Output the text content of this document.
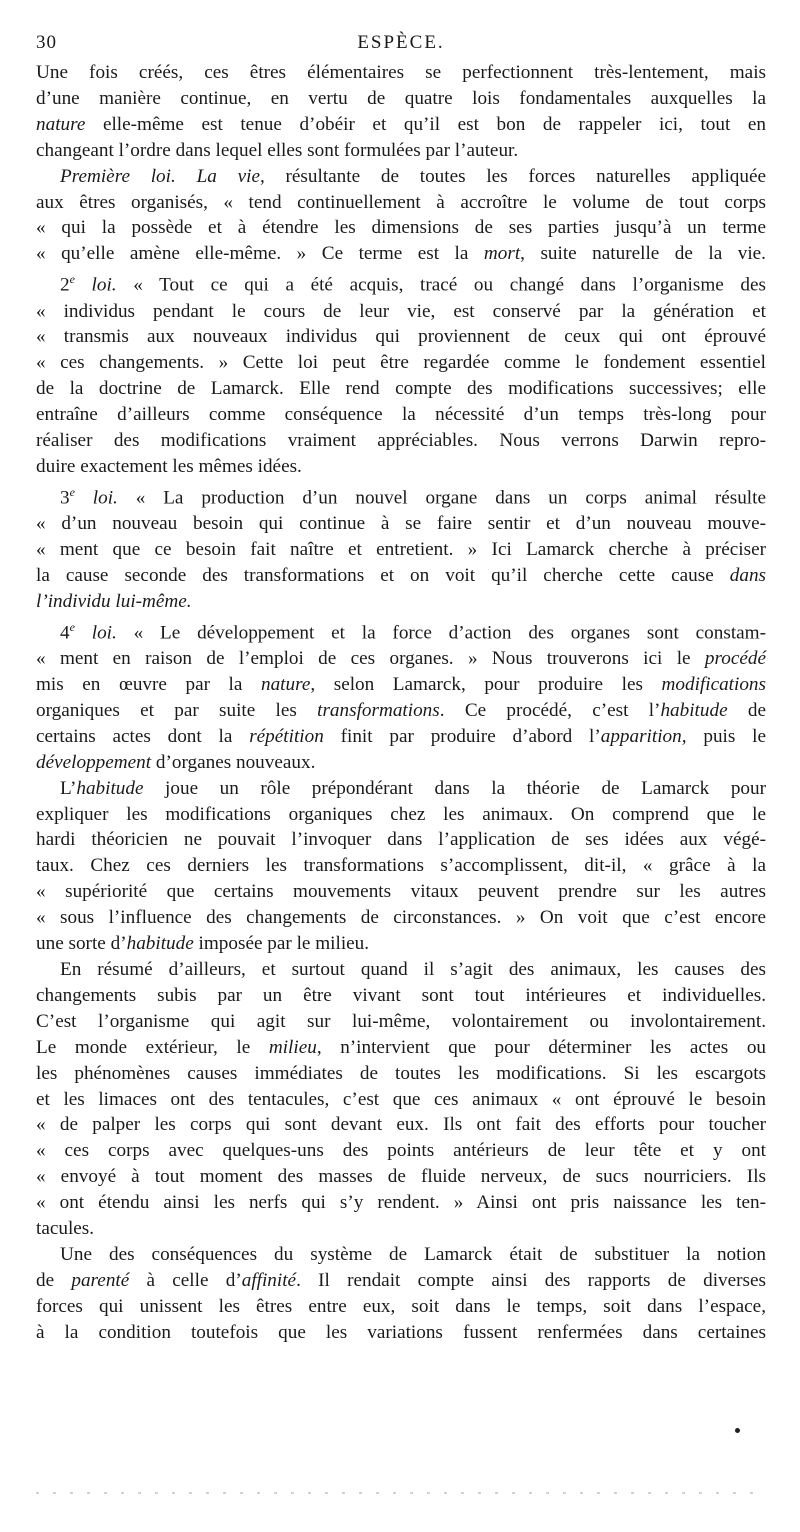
30	ESPÈCE.
Une fois créés, ces êtres élémentaires se perfectionnent très-lentement, mais
d’une manière continue, en vertu de quatre lois fondamentales auxquelles la
nature elle-même est tenue d’obéir et qu’il est bon de rappeler ici, tout en
changeant l’ordre dans lequel elles sont formulées par l’auteur.
Première loi. La vie, résultante de toutes les forces naturelles appliquée
aux êtres organisés, « tend continuellement à accroître le volume de tout corps
« qui la possède et à étendre les dimensions de ses parties jusqu’à un terme
« qu’elle amène elle-même. » Ce terme est la mort, suite naturelle de la vie.
2e loi. « Tout ce qui a été acquis, tracé ou changé dans l’organisme des
« individus pendant le cours de leur vie, est conservé par la génération et
« transmis aux nouveaux individus qui proviennent de ceux qui ont éprouvé
« ces changements. » Cette loi peut être regardée comme le fondement essentiel
de la doctrine de Lamarck. Elle rend compte des modifications successives; elle
entraîne d’ailleurs comme conséquence la nécessité d’un temps très-long pour
réaliser des modifications vraiment appréciables. Nous verrons Darwin repro-
duire exactement les mêmes idées.
3e loi. « La production d’un nouvel organe dans un corps animal résulte
« d’un nouveau besoin qui continue à se faire sentir et d’un nouveau mouve-
« ment que ce besoin fait naître et entretient. » Ici Lamarck cherche à préciser
la cause seconde des transformations et on voit qu’il cherche cette cause dans
l’individu lui-même.
4e loi. « Le développement et la force d’action des organes sont constam-
« ment en raison de l’emploi de ces organes. » Nous trouverons ici le procédé
mis en œuvre par la nature, selon Lamarck, pour produire les modifications
organiques et par suite les transformations. Ce procédé, c’est l’habitude de
certains actes dont la répétition finit par produire d’abord l’apparition, puis le
développement d’organes nouveaux.
L’habitude joue un rôle prépondérant dans la théorie de Lamarck pour
expliquer les modifications organiques chez les animaux. On comprend que le
hardi théoricien ne pouvait l’invoquer dans l’application de ses idées aux végé-
taux. Chez ces derniers les transformations s’accomplissent, dit-il, « grâce à la
« supériorité que certains mouvements vitaux peuvent prendre sur les autres
« sous l’influence des changements de circonstances. » On voit que c’est encore
une sorte d’habitude imposée par le milieu.
En résumé d’ailleurs, et surtout quand il s’agit des animaux, les causes des
changements subis par un être vivant sont tout intérieures et individuelles.
C’est l’organisme qui agit sur lui-même, volontairement ou involontairement.
Le monde extérieur, le milieu, n’intervient que pour déterminer les actes ou
les phénomènes causes immédiates de toutes les modifications. Si les escargots
et les limaces ont des tentacules, c’est que ces animaux « ont éprouvé le besoin
« de palper les corps qui sont devant eux. Ils ont fait des efforts pour toucher
« ces corps avec quelques-uns des points antérieurs de leur tête et y ont
« envoyé à tout moment des masses de fluide nerveux, de sucs nourriciers. Ils
« ont étendu ainsi les nerfs qui s’y rendent. » Ainsi ont pris naissance les ten-
tacules.
Une des conséquences du système de Lamarck était de substituer la notion
de parenté à celle d’affinité. Il rendait compte ainsi des rapports de diverses
forces qui unissent les êtres entre eux, soit dans le temps, soit dans l’espace,
à la condition toutefois que les variations fussent renfermées dans certaines
